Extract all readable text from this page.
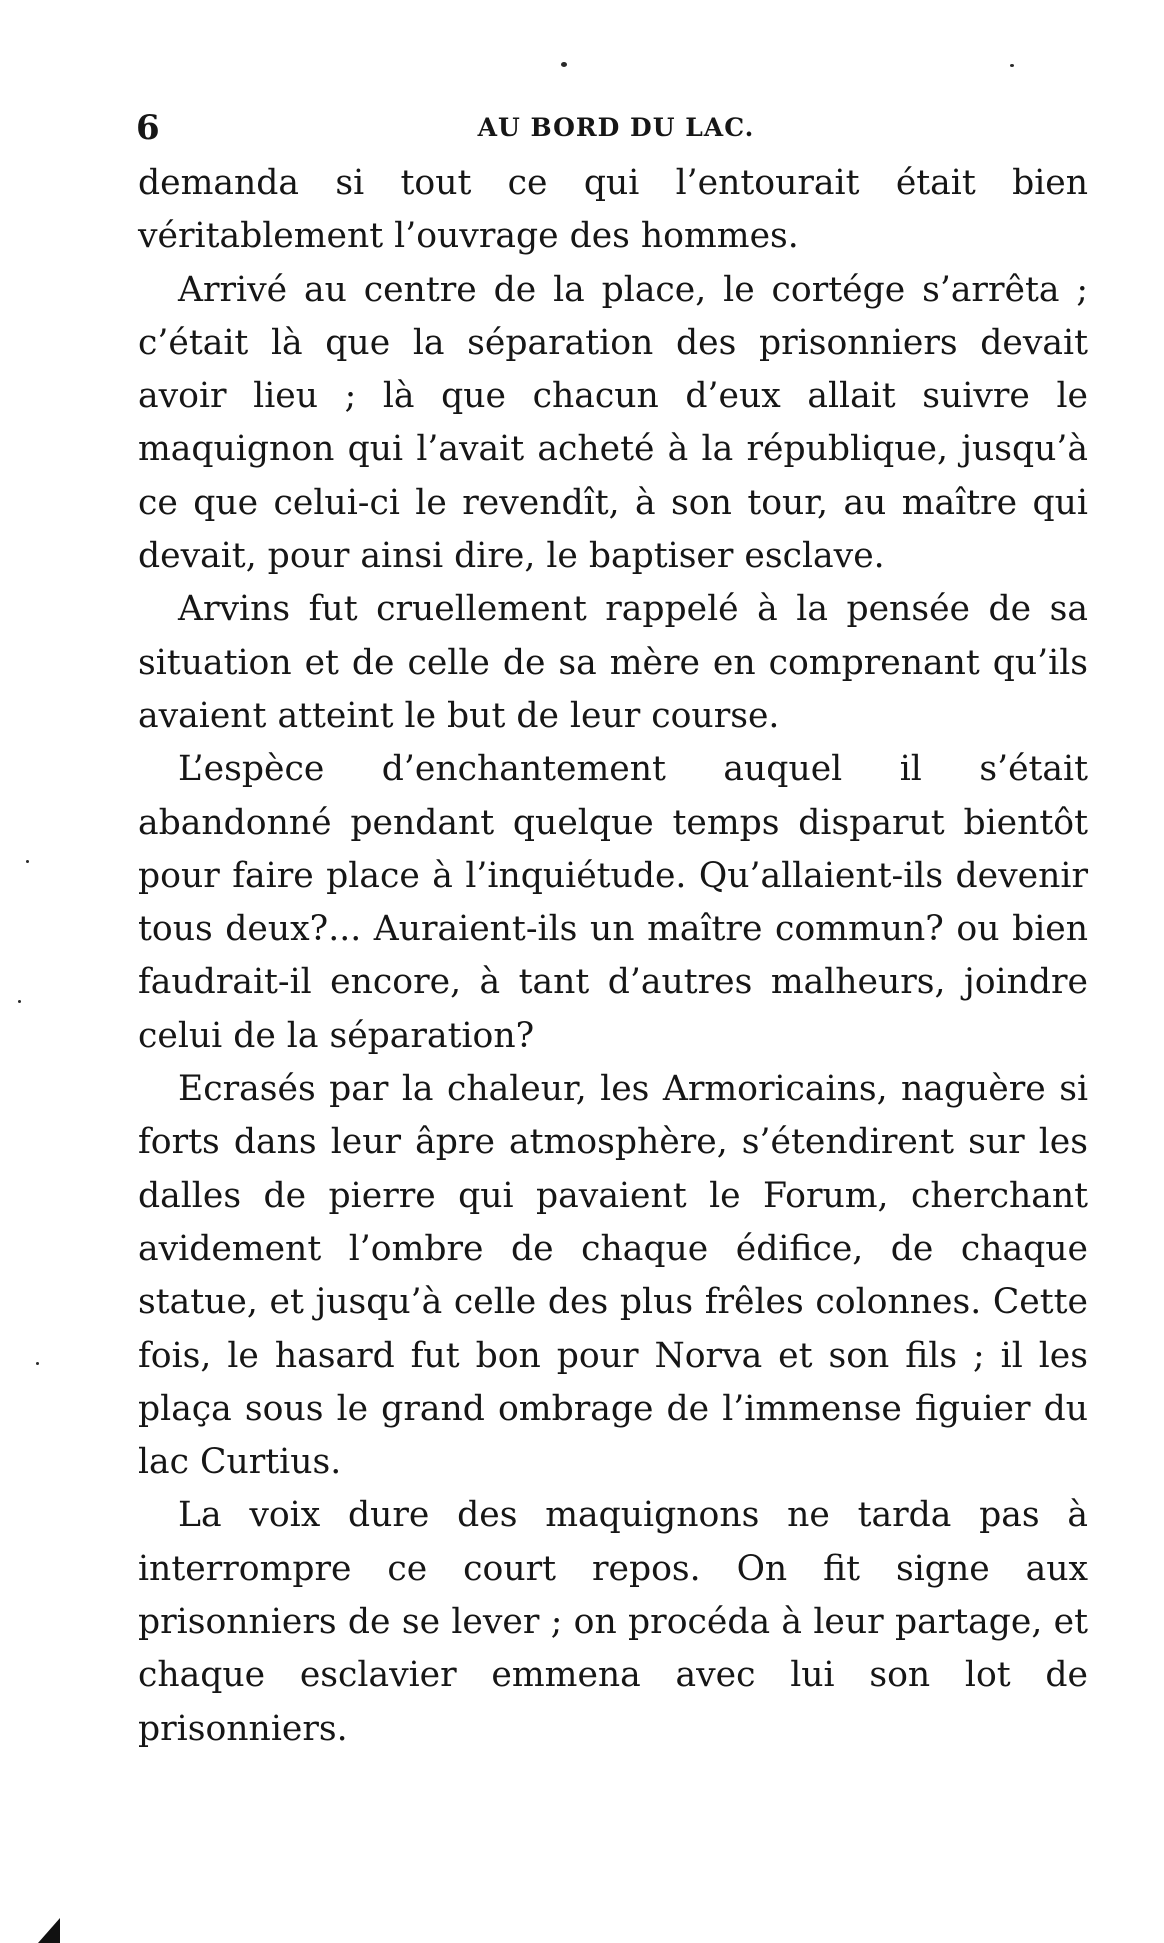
6	AU BORD DU LAC.

demanda si tout ce qui l’entourait était bien véritablement l’ouvrage des hommes.

Arrivé au centre de la place, le cortége s’arrêta ; c’était là que la séparation des prisonniers devait avoir lieu ; là que chacun d’eux allait suivre le maquignon qui l’avait acheté à la république, jusqu’à ce que celui-ci le revendît, à son tour, au maître qui devait, pour ainsi dire, le baptiser esclave.

Arvins fut cruellement rappelé à la pensée de sa situation et de celle de sa mère en comprenant qu’ils avaient atteint le but de leur course.

L’espèce d’enchantement auquel il s’était abandonné pendant quelque temps disparut bientôt pour faire place à l’inquiétude. Qu’allaient-ils devenir tous deux?... Auraient-ils un maître commun? ou bien faudrait-il encore, à tant d’autres malheurs, joindre celui de la séparation?

Ecrasés par la chaleur, les Armoricains, naguère si forts dans leur âpre atmosphère, s’étendirent sur les dalles de pierre qui pavaient le Forum, cherchant avidement l’ombre de chaque édifice, de chaque statue, et jusqu’à celle des plus frêles colonnes. Cette fois, le hasard fut bon pour Norva et son fils ; il les plaça sous le grand ombrage de l’immense figuier du lac Curtius.

La voix dure des maquignons ne tarda pas à interrompre ce court repos. On fit signe aux prisonniers de se lever ; on procéda à leur partage, et chaque esclavier emmena avec lui son lot de prisonniers.
